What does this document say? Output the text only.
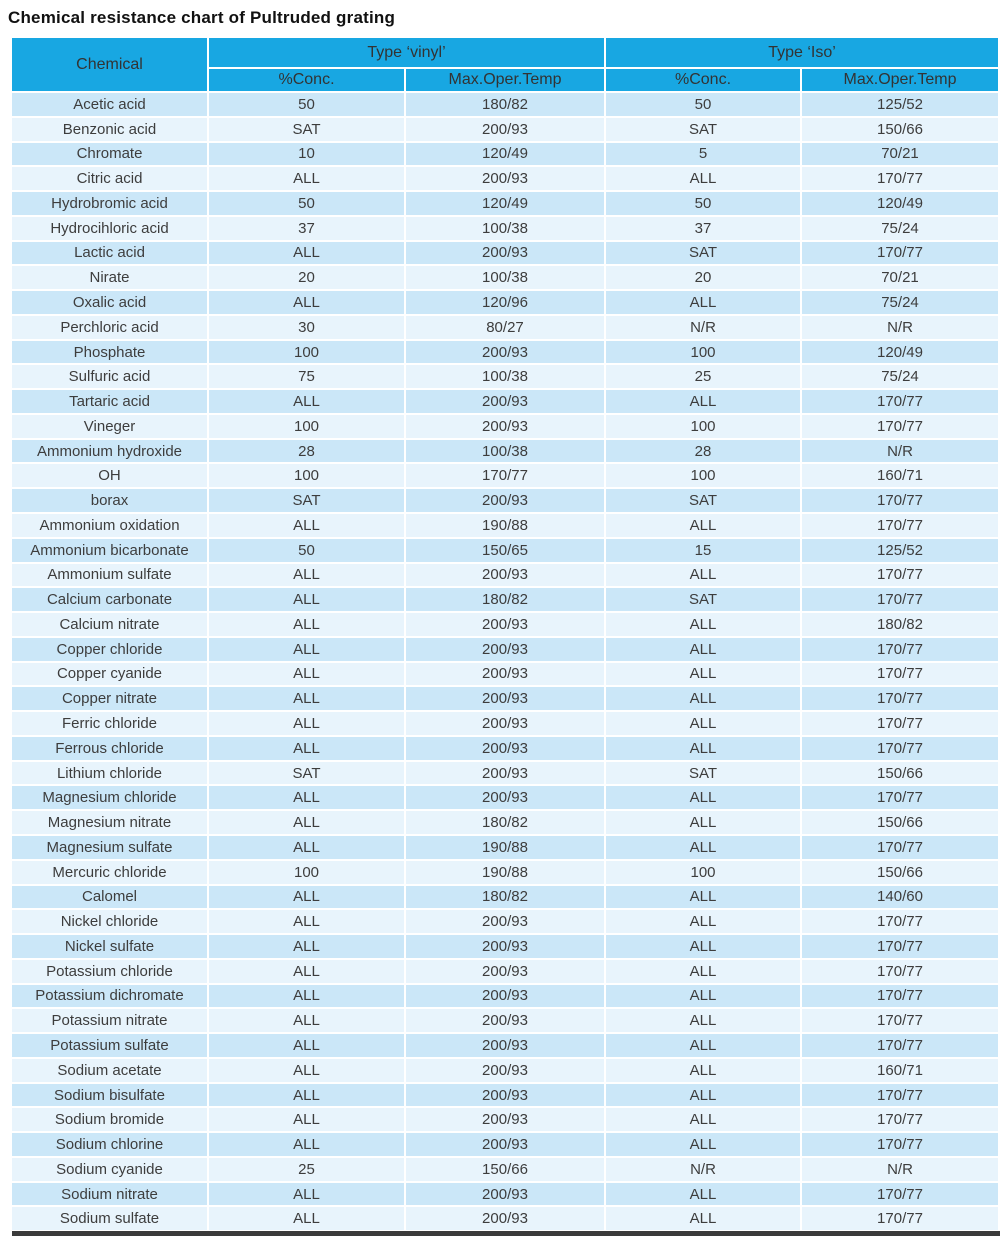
Chemical resistance chart of Pultruded grating
Chemical	Type ‘vinyl’		Type ‘Iso’	
	%Conc.	Max.Oper.Temp	%Conc.	Max.Oper.Temp
Acetic acid	50	180/82	50	125/52
Benzonic acid	SAT	200/93	SAT	150/66
Chromate	10	120/49	5	70/21
Citric acid	ALL	200/93	ALL	170/77
Hydrobromic acid	50	120/49	50	120/49
Hydrocihloric acid	37	100/38	37	75/24
Lactic acid	ALL	200/93	SAT	170/77
Nirate	20	100/38	20	70/21
Oxalic acid	ALL	120/96	ALL	75/24
Perchloric acid	30	80/27	N/R	N/R
Phosphate	100	200/93	100	120/49
Sulfuric acid	75	100/38	25	75/24
Tartaric acid	ALL	200/93	ALL	170/77
Vineger	100	200/93	100	170/77
Ammonium hydroxide	28	100/38	28	N/R
OH	100	170/77	100	160/71
borax	SAT	200/93	SAT	170/77
Ammonium oxidation	ALL	190/88	ALL	170/77
Ammonium bicarbonate	50	150/65	15	125/52
Ammonium sulfate	ALL	200/93	ALL	170/77
Calcium carbonate	ALL	180/82	SAT	170/77
Calcium nitrate	ALL	200/93	ALL	180/82
Copper chloride	ALL	200/93	ALL	170/77
Copper cyanide	ALL	200/93	ALL	170/77
Copper nitrate	ALL	200/93	ALL	170/77
Ferric chloride	ALL	200/93	ALL	170/77
Ferrous chloride	ALL	200/93	ALL	170/77
Lithium chloride	SAT	200/93	SAT	150/66
Magnesium chloride	ALL	200/93	ALL	170/77
Magnesium nitrate	ALL	180/82	ALL	150/66
Magnesium sulfate	ALL	190/88	ALL	170/77
Mercuric chloride	100	190/88	100	150/66
Calomel	ALL	180/82	ALL	140/60
Nickel chloride	ALL	200/93	ALL	170/77
Nickel sulfate	ALL	200/93	ALL	170/77
Potassium chloride	ALL	200/93	ALL	170/77
Potassium dichromate	ALL	200/93	ALL	170/77
Potassium nitrate	ALL	200/93	ALL	170/77
Potassium sulfate	ALL	200/93	ALL	170/77
Sodium acetate	ALL	200/93	ALL	160/71
Sodium bisulfate	ALL	200/93	ALL	170/77
Sodium bromide	ALL	200/93	ALL	170/77
Sodium chlorine	ALL	200/93	ALL	170/77
Sodium cyanide	25	150/66	N/R	N/R
Sodium nitrate	ALL	200/93	ALL	170/77
Sodium sulfate	ALL	200/93	ALL	170/77
